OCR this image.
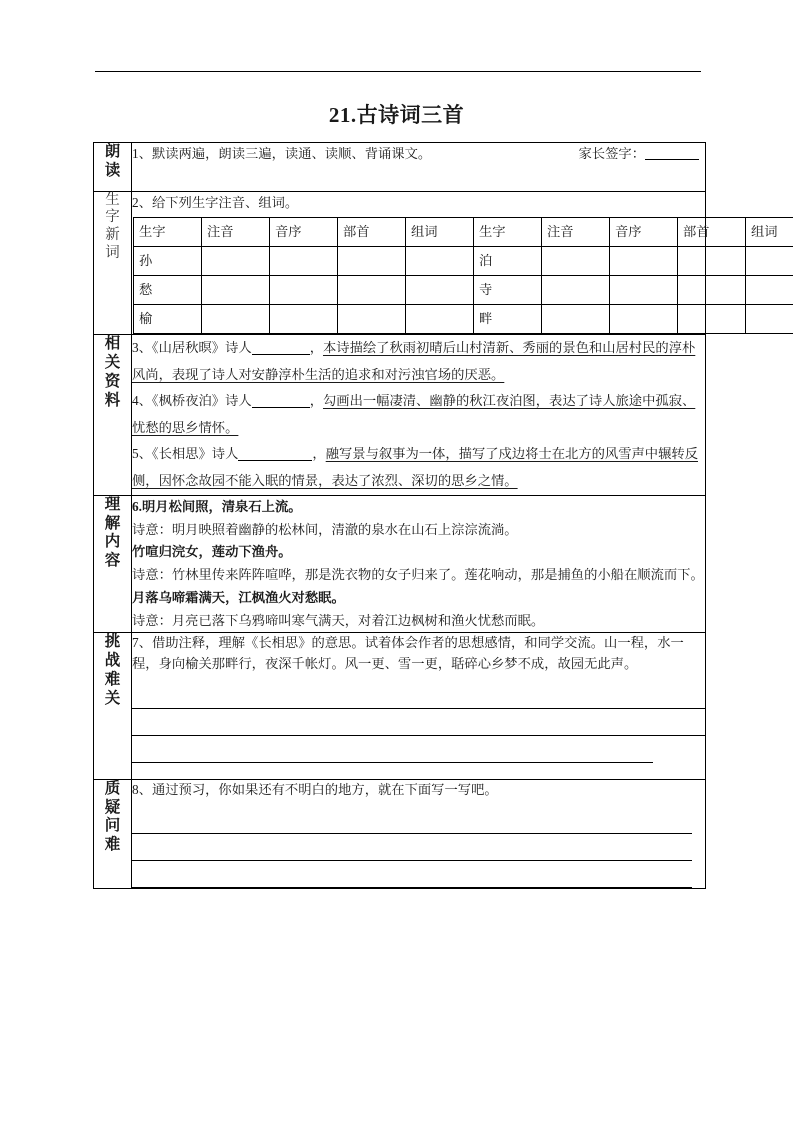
21.古诗词三首
朗
读

1、默读两遍，朗读三遍，读通、读顺、背诵课文。	家长签字：

生
字
新
词

2、给下列生字注音、组词。
生字	注音	音序	部首	组词	生字	注音	音序	部首	组词
孙					泊				
愁					寺				
榆					畔				

相
关
资
料

3、《山居秋暝》诗人	，本诗描绘了秋雨初晴后山村清新、秀丽的景色和山居村民的淳朴风尚，表现了诗人对安静淳朴生活的追求和对污浊官场的厌恶。
4、《枫桥夜泊》诗人	，勾画出一幅凄清、幽静的秋江夜泊图，表达了诗人旅途中孤寂、忧愁的思乡情怀。
5、《长相思》诗人	，融写景与叙事为一体，描写了戍边将士在北方的风雪声中辗转反侧，因怀念故园不能入眠的情景，表达了浓烈、深切的思乡之情。

理
解
内
容

6.明月松间照，清泉石上流。
诗意：明月映照着幽静的松林间，清澈的泉水在山石上淙淙流淌。
竹喧归浣女，莲动下渔舟。
诗意：竹林里传来阵阵喧哗，那是洗衣物的女子归来了。莲花响动，那是捕鱼的小船在顺流而下。
月落乌啼霜满天，江枫渔火对愁眠。
诗意：月亮已落下乌鸦啼叫寒气满天，对着江边枫树和渔火忧愁而眠。

挑
战
难
关

7、借助注释，理解《长相思》的意思。试着体会作者的思想感情，和同学交流。山一程，水一程，身向榆关那畔行，夜深千帐灯。风一更、雪一更，聒碎心乡梦不成，故园无此声。

质
疑
问
难

8、通过预习，你如果还有不明白的地方，就在下面写一写吧。
